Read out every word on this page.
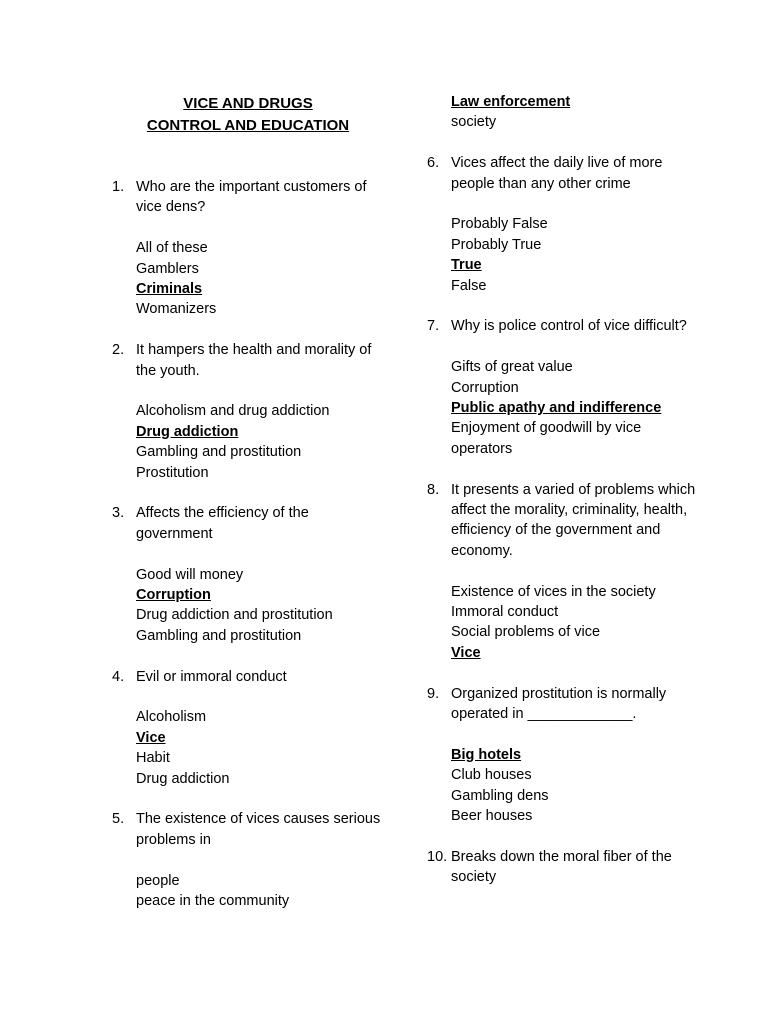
VICE AND DRUGS
CONTROL AND EDUCATION
1. Who are the important customers of vice dens?
All of these
Gamblers
Criminals
Womanizers
2. It hampers the health and morality of the youth.
Alcoholism and drug addiction
Drug addiction
Gambling and prostitution
Prostitution
3. Affects the efficiency of the government
Good will money
Corruption
Drug addiction and prostitution
Gambling and prostitution
4. Evil or immoral conduct
Alcoholism
Vice
Habit
Drug addiction
5. The existence of vices causes serious problems in
people
peace in the community
Law enforcement
society
6. Vices affect the daily live of more people than any other crime
Probably False
Probably True
True
False
7. Why is police control of vice difficult?
Gifts of great value
Corruption
Public apathy and indifference
Enjoyment of goodwill by vice operators
8. It presents a varied of problems which affect the morality, criminality, health, efficiency of the government and economy.
Existence of vices in the society
Immoral conduct
Social problems of vice
Vice
9. Organized prostitution is normally operated in _____________.
Big hotels
Club houses
Gambling dens
Beer houses
10. Breaks down the moral fiber of the society
